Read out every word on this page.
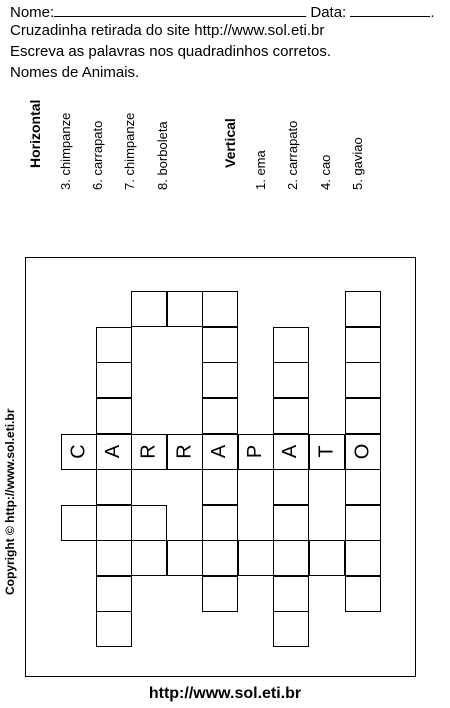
Nome:	Data:	.
Cruzadinha retirada do site http://www.sol.eti.br
Escreva as palavras nos quadradinhos corretos.
Nomes de Animais.
Horizontal 3. chimpanze 6. carrapato 7. chimpanze 8. borboleta	Vertical
1. ema 2. carrapato 4. cao 5. gaviao
C A R R A P A T O
Copyright © http://www.sol.eti.br
http://www.sol.eti.br
